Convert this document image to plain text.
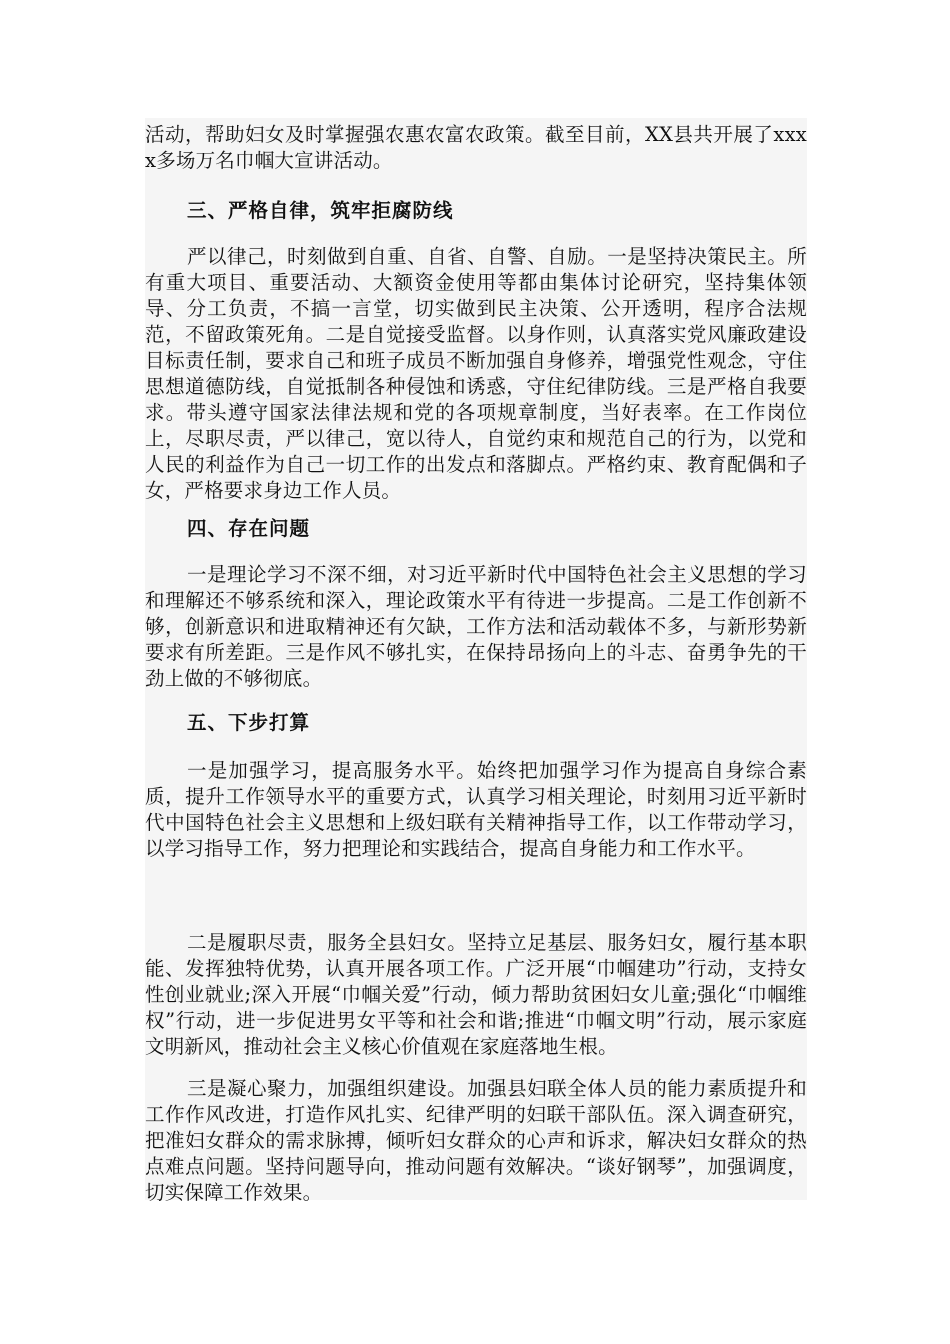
活动，帮助妇女及时掌握强农惠农富农政策。截至目前，XX县共开展了xxxx多场万名巾帼大宣讲活动。

三、严格自律，筑牢拒腐防线

严以律己，时刻做到自重、自省、自警、自励。一是坚持决策民主。所有重大项目、重要活动、大额资金使用等都由集体讨论研究，坚持集体领导、分工负责，不搞一言堂，切实做到民主决策、公开透明，程序合法规范，不留政策死角。二是自觉接受监督。以身作则，认真落实党风廉政建设目标责任制，要求自己和班子成员不断加强自身修养，增强党性观念，守住思想道德防线，自觉抵制各种侵蚀和诱惑，守住纪律防线。三是严格自我要求。带头遵守国家法律法规和党的各项规章制度，当好表率。在工作岗位上，尽职尽责，严以律己，宽以待人，自觉约束和规范自己的行为，以党和人民的利益作为自己一切工作的出发点和落脚点。严格约束、教育配偶和子女，严格要求身边工作人员。

四、存在问题

一是理论学习不深不细，对习近平新时代中国特色社会主义思想的学习和理解还不够系统和深入，理论政策水平有待进一步提高。二是工作创新不够，创新意识和进取精神还有欠缺，工作方法和活动载体不多，与新形势新要求有所差距。三是作风不够扎实，在保持昂扬向上的斗志、奋勇争先的干劲上做的不够彻底。

五、下步打算

一是加强学习，提高服务水平。始终把加强学习作为提高自身综合素质，提升工作领导水平的重要方式，认真学习相关理论，时刻用习近平新时代中国特色社会主义思想和上级妇联有关精神指导工作，以工作带动学习，以学习指导工作，努力把理论和实践结合，提高自身能力和工作水平。

二是履职尽责，服务全县妇女。坚持立足基层、服务妇女，履行基本职能、发挥独特优势，认真开展各项工作。广泛开展“巾帼建功”行动，支持女性创业就业;深入开展“巾帼关爱”行动，倾力帮助贫困妇女儿童;强化“巾帼维权”行动，进一步促进男女平等和社会和谐;推进“巾帼文明”行动，展示家庭文明新风，推动社会主义核心价值观在家庭落地生根。

三是凝心聚力，加强组织建设。加强县妇联全体人员的能力素质提升和工作作风改进，打造作风扎实、纪律严明的妇联干部队伍。深入调查研究，把准妇女群众的需求脉搏，倾听妇女群众的心声和诉求，解决妇女群众的热点难点问题。坚持问题导向，推动问题有效解决。“谈好钢琴”，加强调度，切实保障工作效果。
